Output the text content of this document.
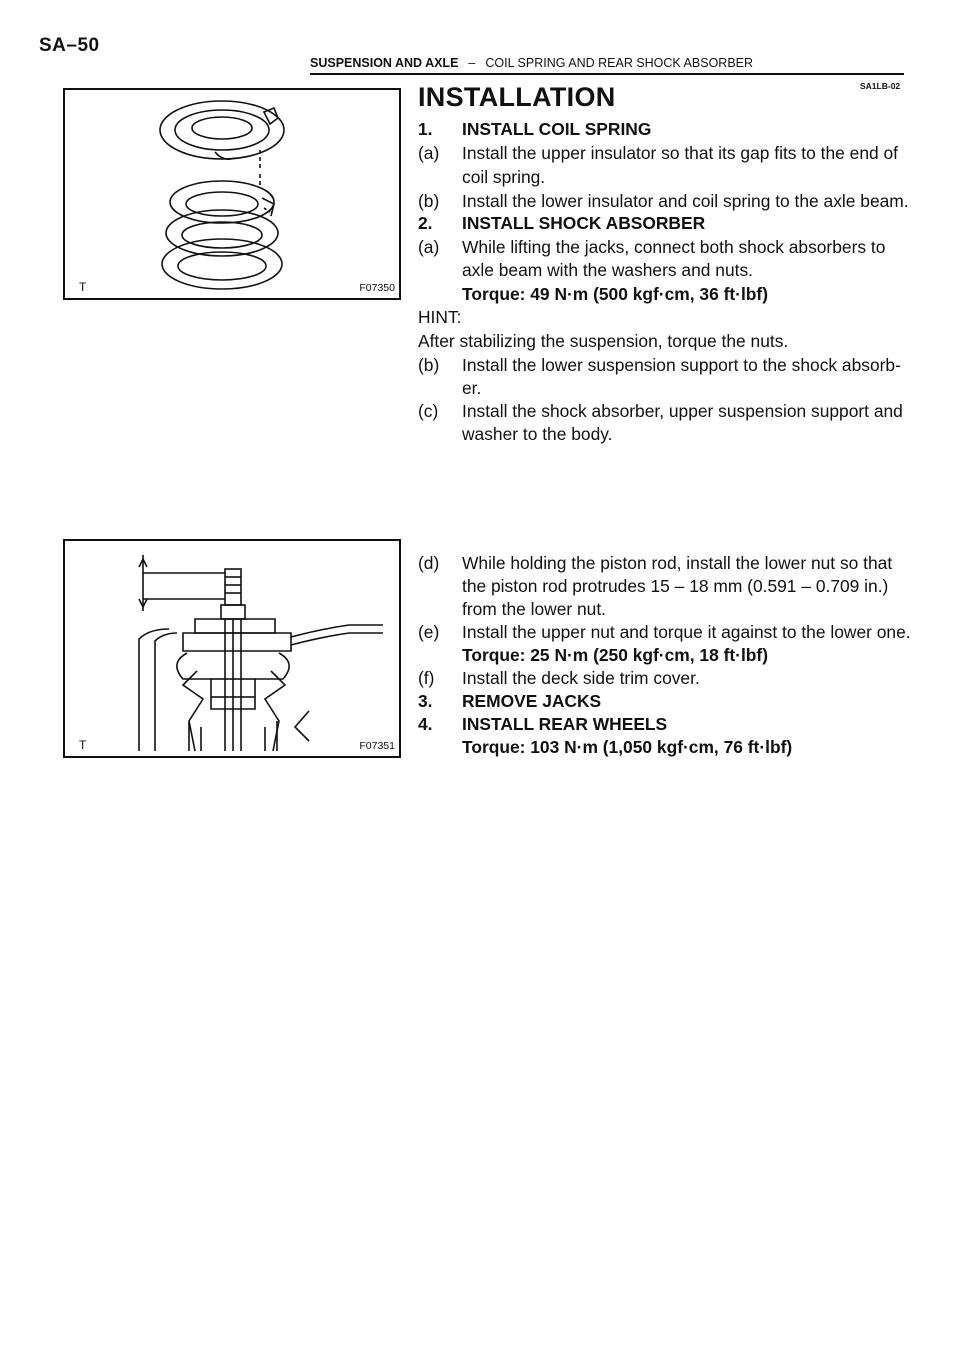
SA–50
SUSPENSION AND AXLE – COIL SPRING AND REAR SHOCK ABSORBER
T	F07350
T	F07351
SA1LB-02
INSTALLATION
1. INSTALL COIL SPRING
(a) Install the upper insulator so that its gap fits to the end of
coil spring.
(b) Install the lower insulator and coil spring to the axle beam.
2. INSTALL SHOCK ABSORBER
(a) While lifting the jacks, connect both shock absorbers to
axle beam with the washers and nuts.
Torque: 49 N·m (500 kgf·cm, 36 ft·lbf)
HINT:
After stabilizing the suspension, torque the nuts.
(b) Install the lower suspension support to the shock absorb-
er.
(c) Install the shock absorber, upper suspension support and
washer to the body.
(d) While holding the piston rod, install the lower nut so that
the piston rod protrudes 15 – 18 mm (0.591 – 0.709 in.)
from the lower nut.
(e) Install the upper nut and torque it against to the lower one.
Torque: 25 N·m (250 kgf·cm, 18 ft·lbf)
(f) Install the deck side trim cover.
3. REMOVE JACKS
4. INSTALL REAR WHEELS
Torque: 103 N·m (1,050 kgf·cm, 76 ft·lbf)
